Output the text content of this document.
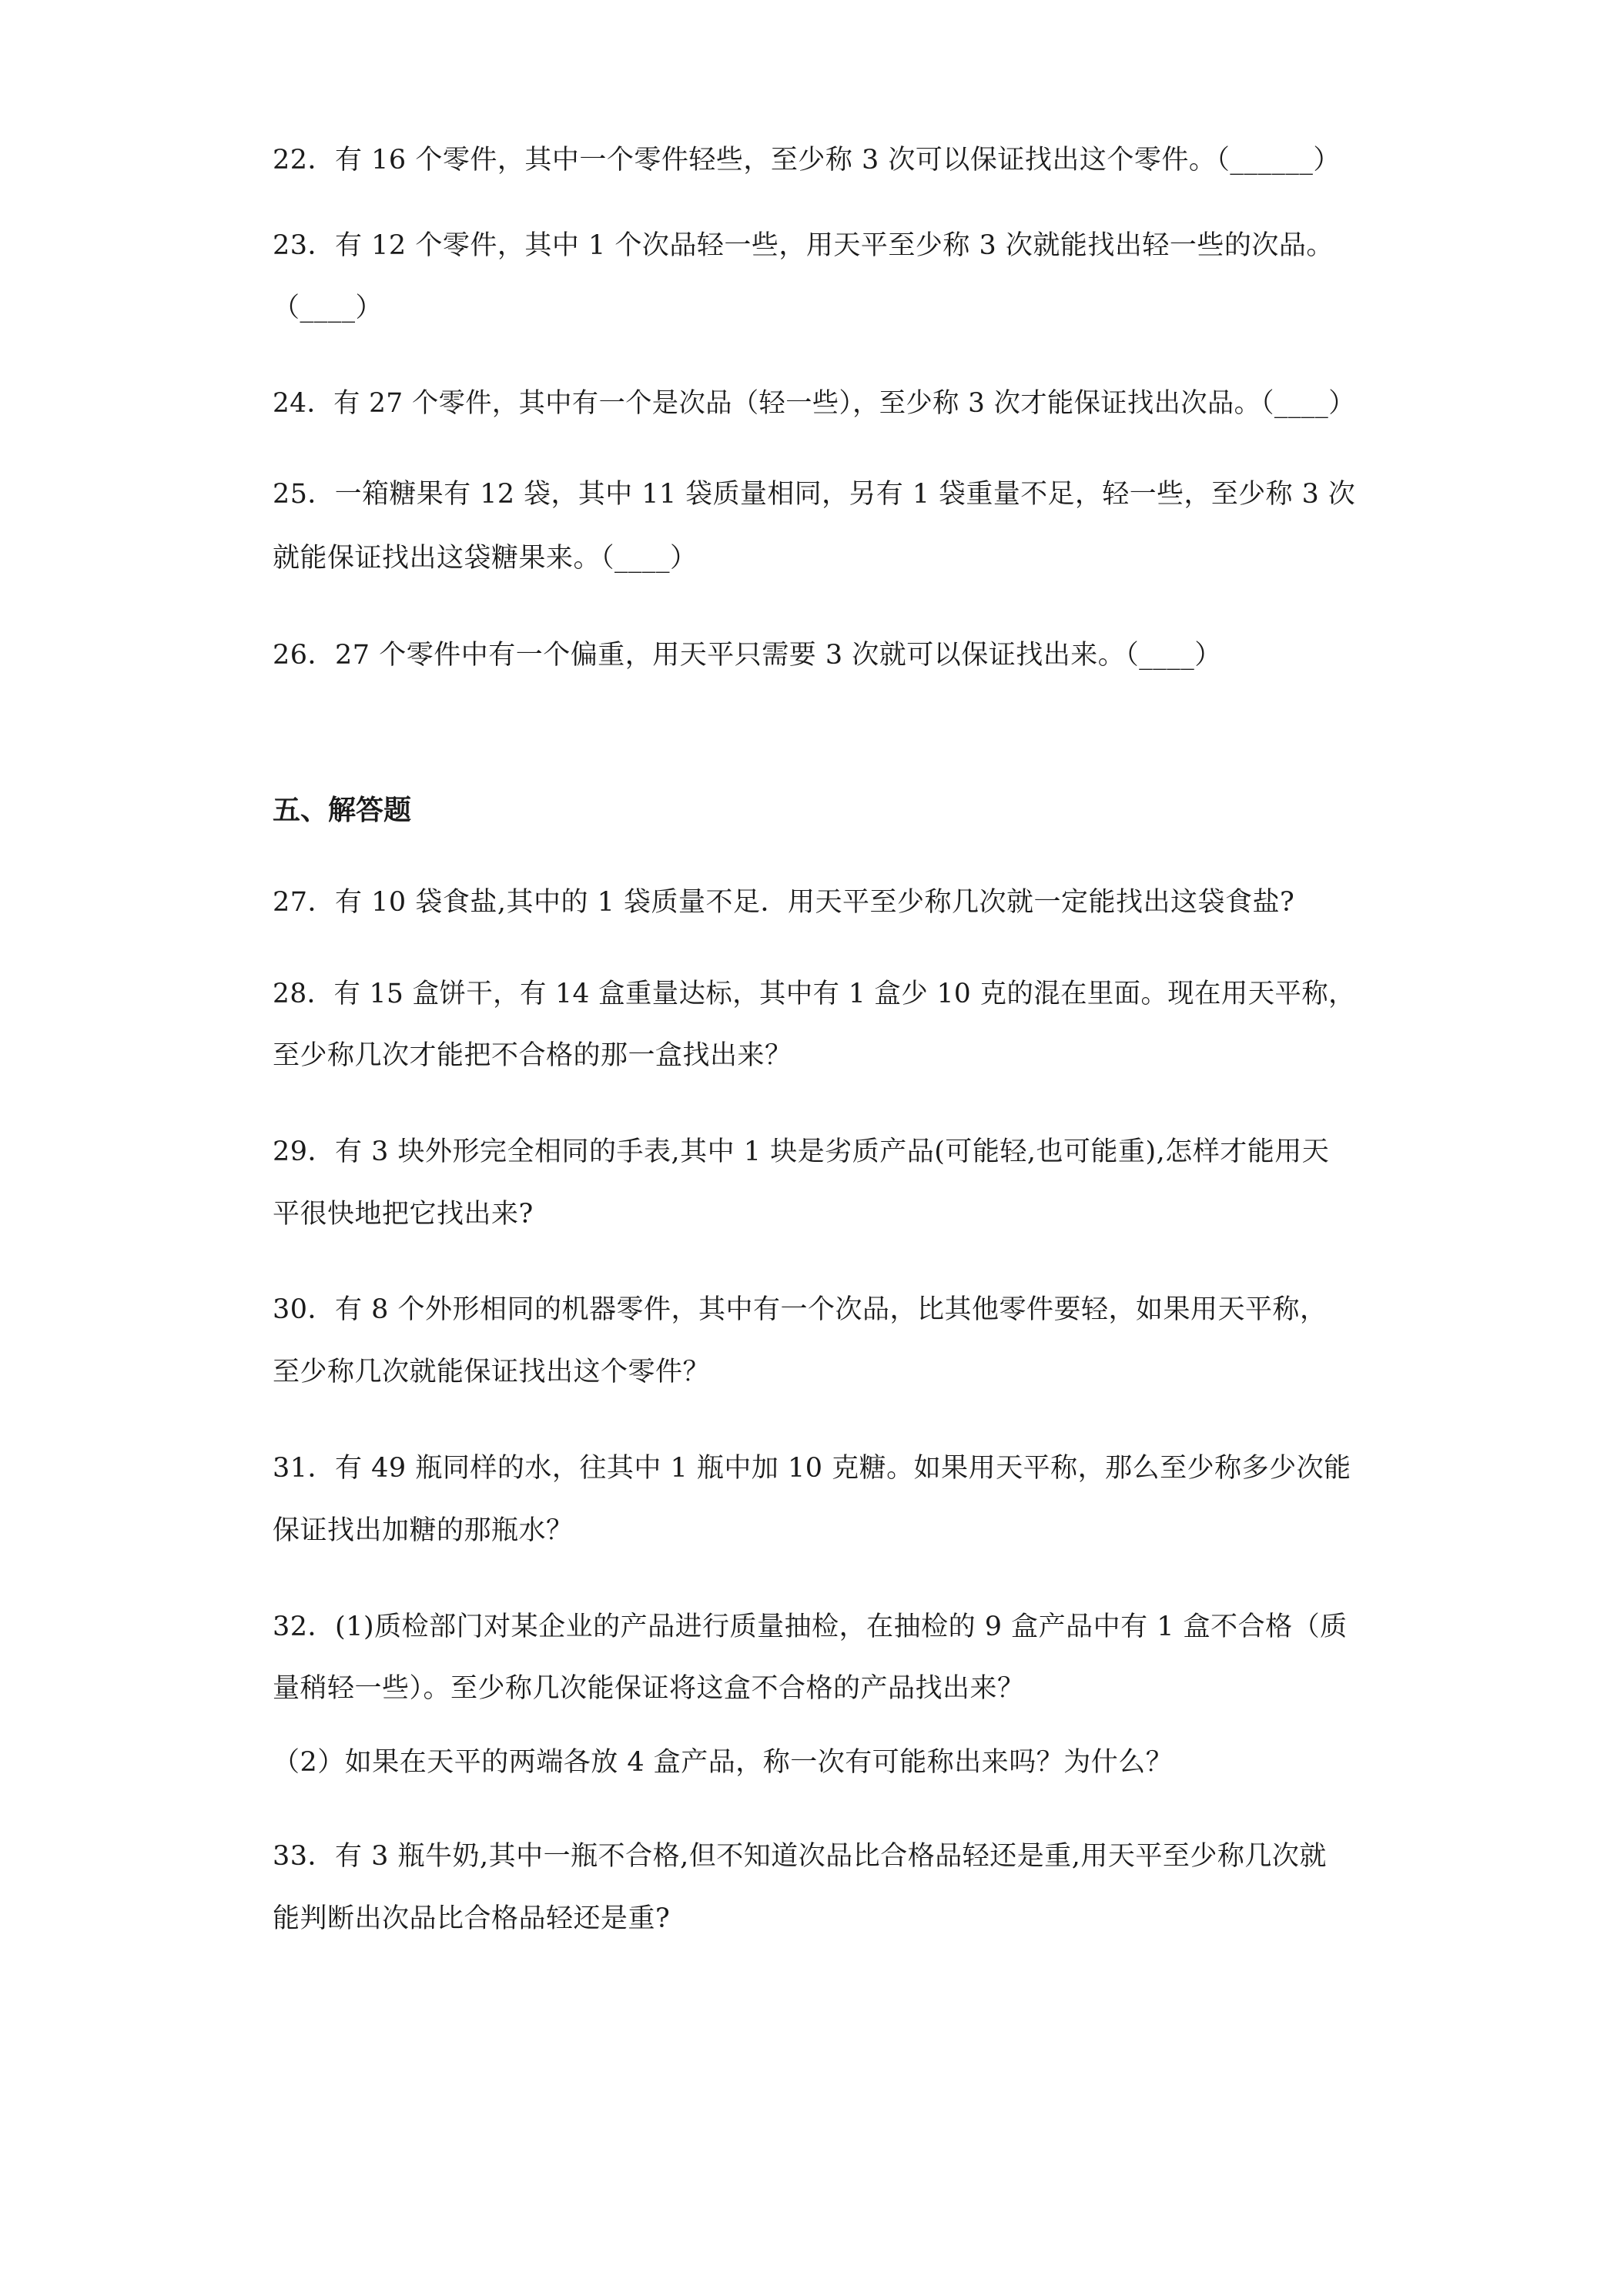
22．有 16 个零件，其中一个零件轻些，至少称 3 次可以保证找出这个零件。（______）
23．有 12 个零件，其中 1 个次品轻一些，用天平至少称 3 次就能找出轻一些的次品。
（____）
24．有 27 个零件，其中有一个是次品（轻一些），至少称 3 次才能保证找出次品。（____）
25．一箱糖果有 12 袋，其中 11 袋质量相同，另有 1 袋重量不足，轻一些，至少称 3 次
就能保证找出这袋糖果来。（____）
26．27 个零件中有一个偏重，用天平只需要 3 次就可以保证找出来。（____）
五、解答题
27．有 10 袋食盐,其中的 1 袋质量不足．用天平至少称几次就一定能找出这袋食盐?
28．有 15 盒饼干，有 14 盒重量达标，其中有 1 盒少 10 克的混在里面。现在用天平称，
至少称几次才能把不合格的那一盒找出来？
29．有 3 块外形完全相同的手表,其中 1 块是劣质产品(可能轻,也可能重),怎样才能用天
平很快地把它找出来?
30．有 8 个外形相同的机器零件，其中有一个次品，比其他零件要轻，如果用天平称，
至少称几次就能保证找出这个零件？
31．有 49 瓶同样的水，往其中 1 瓶中加 10 克糖。如果用天平称，那么至少称多少次能
保证找出加糖的那瓶水？
32．(1)质检部门对某企业的产品进行质量抽检，在抽检的 9 盒产品中有 1 盒不合格（质
量稍轻一些）。至少称几次能保证将这盒不合格的产品找出来？
（2）如果在天平的两端各放 4 盒产品，称一次有可能称出来吗？为什么？
33．有 3 瓶牛奶,其中一瓶不合格,但不知道次品比合格品轻还是重,用天平至少称几次就
能判断出次品比合格品轻还是重?
